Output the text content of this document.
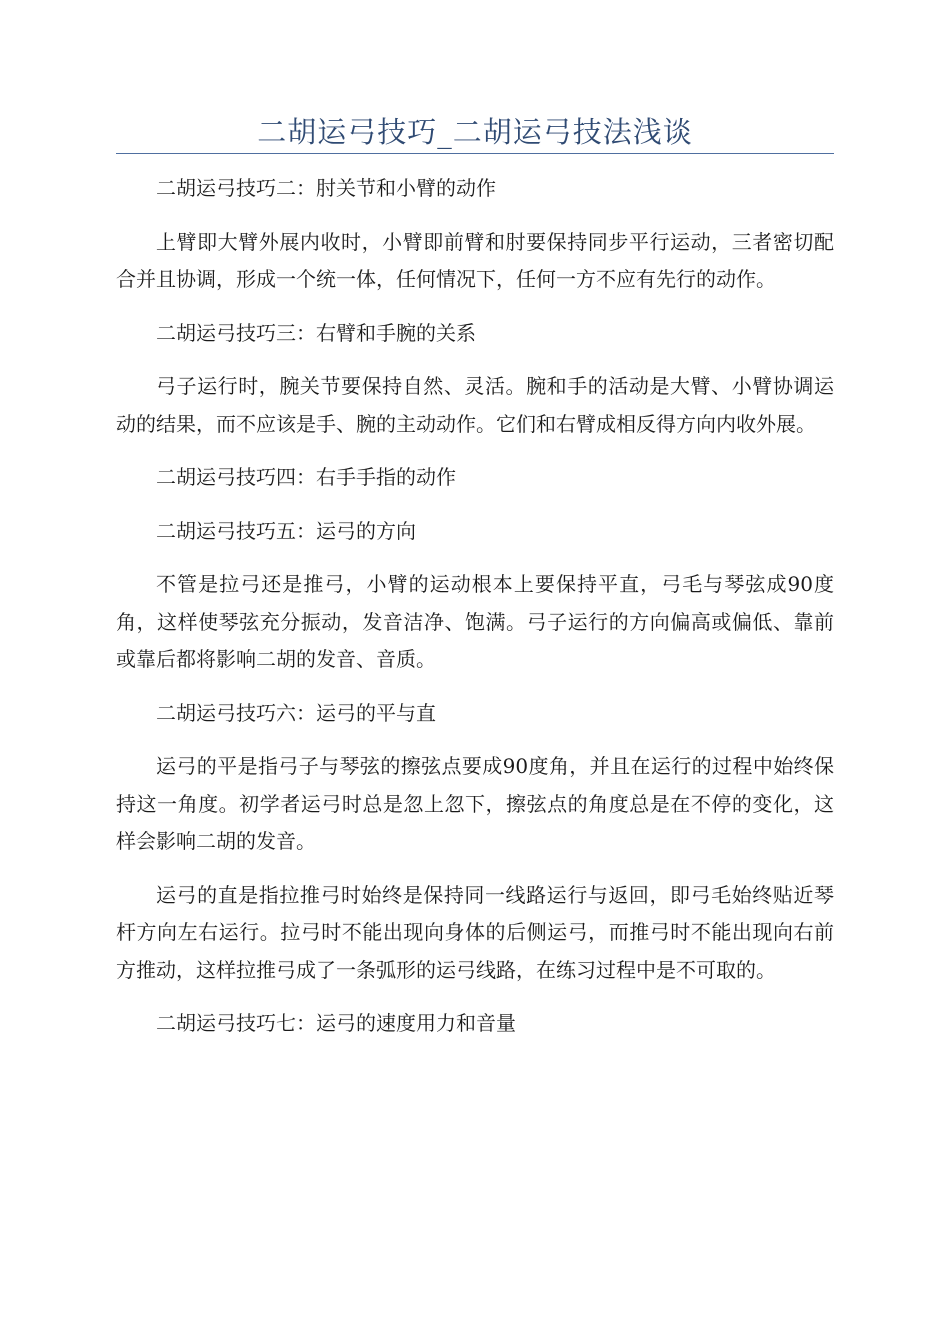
二胡运弓技巧_二胡运弓技法浅谈

二胡运弓技巧二：肘关节和小臂的动作

上臂即大臂外展内收时，小臂即前臂和肘要保持同步平行运动，三者密切配合并且协调，形成一个统一体，任何情况下，任何一方不应有先行的动作。

二胡运弓技巧三：右臂和手腕的关系

弓子运行时，腕关节要保持自然、灵活。腕和手的活动是大臂、小臂协调运动的结果，而不应该是手、腕的主动动作。它们和右臂成相反得方向内收外展。

二胡运弓技巧四：右手手指的动作

二胡运弓技巧五：运弓的方向

不管是拉弓还是推弓，小臂的运动根本上要保持平直，弓毛与琴弦成90度角，这样使琴弦充分振动，发音洁净、饱满。弓子运行的方向偏高或偏低、靠前或靠后都将影响二胡的发音、音质。

二胡运弓技巧六：运弓的平与直

运弓的平是指弓子与琴弦的擦弦点要成90度角，并且在运行的过程中始终保持这一角度。初学者运弓时总是忽上忽下，擦弦点的角度总是在不停的变化，这样会影响二胡的发音。

运弓的直是指拉推弓时始终是保持同一线路运行与返回，即弓毛始终贴近琴杆方向左右运行。拉弓时不能出现向身体的后侧运弓，而推弓时不能出现向右前方推动，这样拉推弓成了一条弧形的运弓线路，在练习过程中是不可取的。

二胡运弓技巧七：运弓的速度用力和音量
